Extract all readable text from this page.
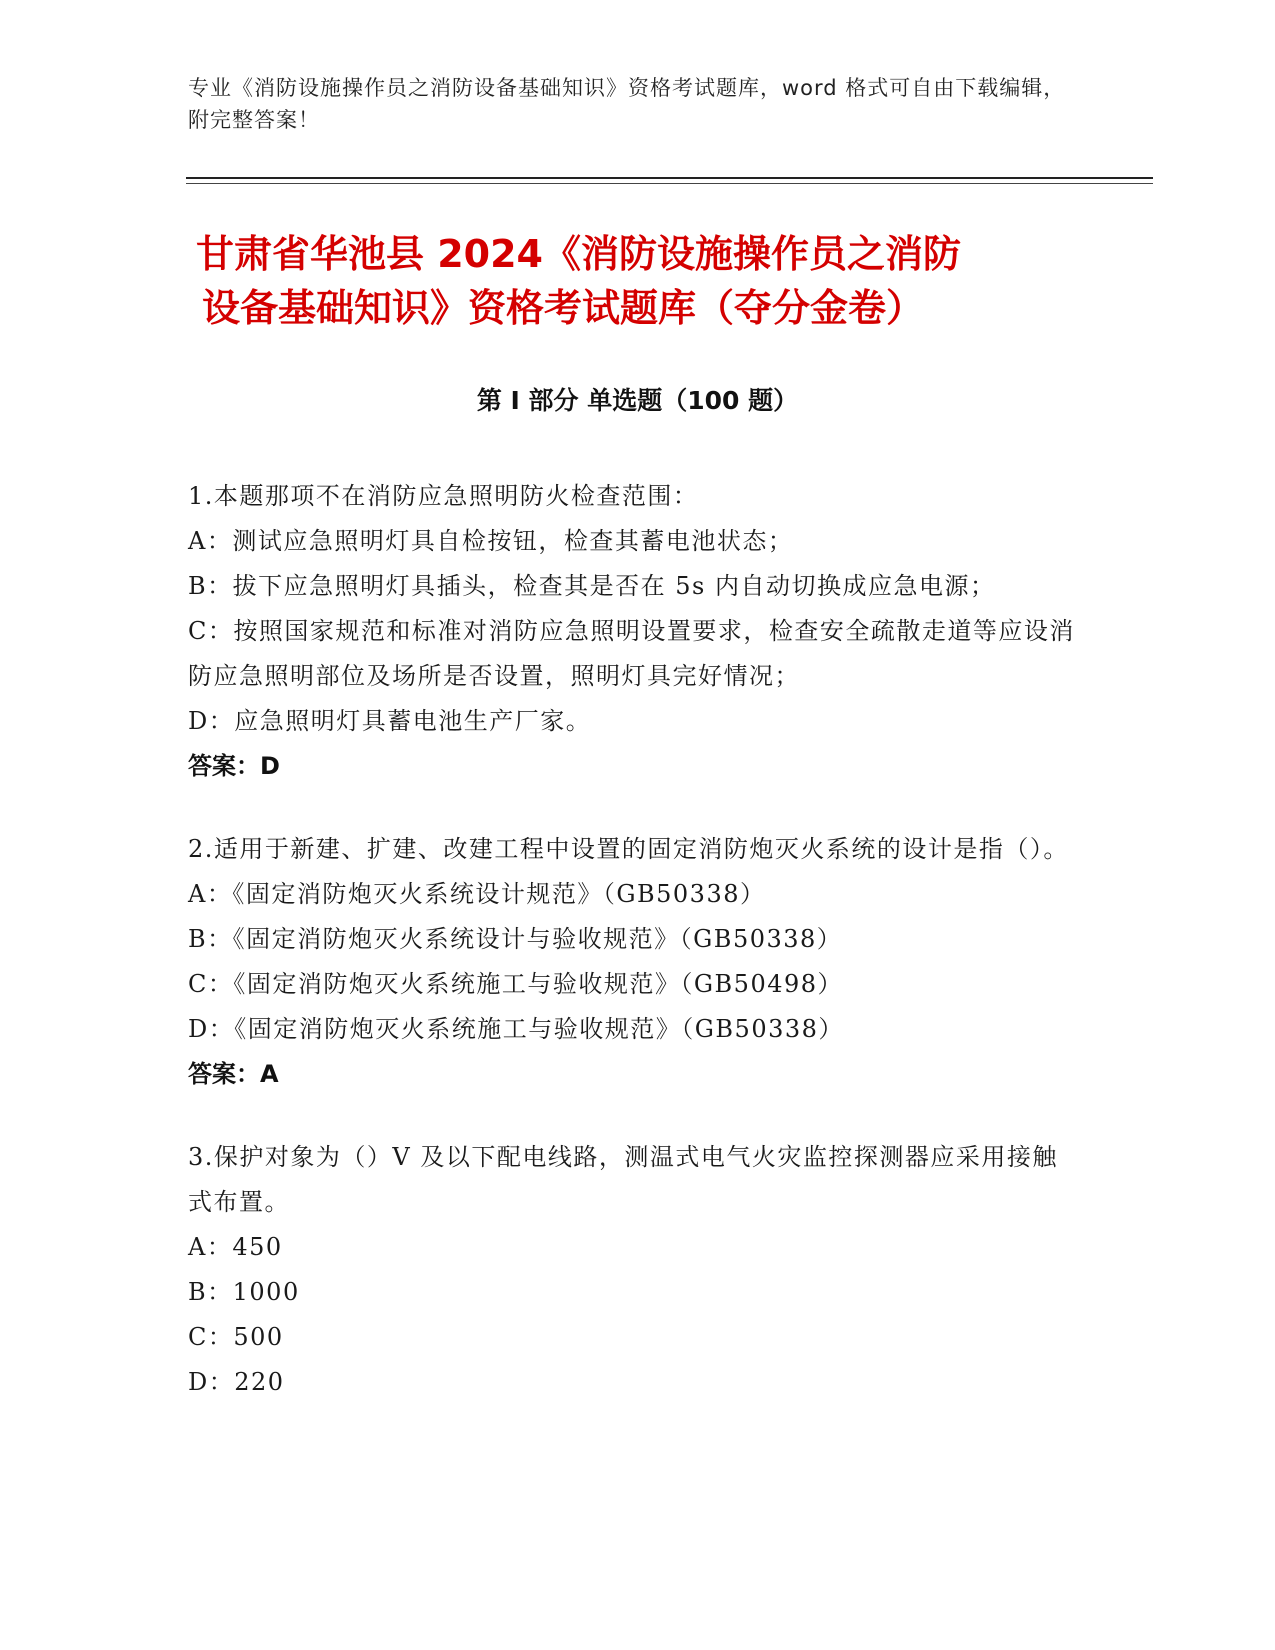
专业《消防设施操作员之消防设备基础知识》资格考试题库，word 格式可自由下载编辑，附完整答案！
甘肃省华池县 2024《消防设施操作员之消防
设备基础知识》资格考试题库（夺分金卷）
第 I 部分 单选题（100 题）
1.本题那项不在消防应急照明防火检查范围：
A：测试应急照明灯具自检按钮，检查其蓄电池状态；
B：拔下应急照明灯具插头，检查其是否在 5s 内自动切换成应急电源；
C：按照国家规范和标准对消防应急照明设置要求，检查安全疏散走道等应设消防应急照明部位及场所是否设置，照明灯具完好情况；
D：应急照明灯具蓄电池生产厂家。
答案：D
2.适用于新建、扩建、改建工程中设置的固定消防炮灭火系统的设计是指（）。
A：《固定消防炮灭火系统设计规范》（GB50338）
B：《固定消防炮灭火系统设计与验收规范》（GB50338）
C：《固定消防炮灭火系统施工与验收规范》（GB50498）
D：《固定消防炮灭火系统施工与验收规范》（GB50338）
答案：A
3.保护对象为（）V 及以下配电线路，测温式电气火灾监控探测器应采用接触式布置。
A：450
B：1000
C：500
D：220
